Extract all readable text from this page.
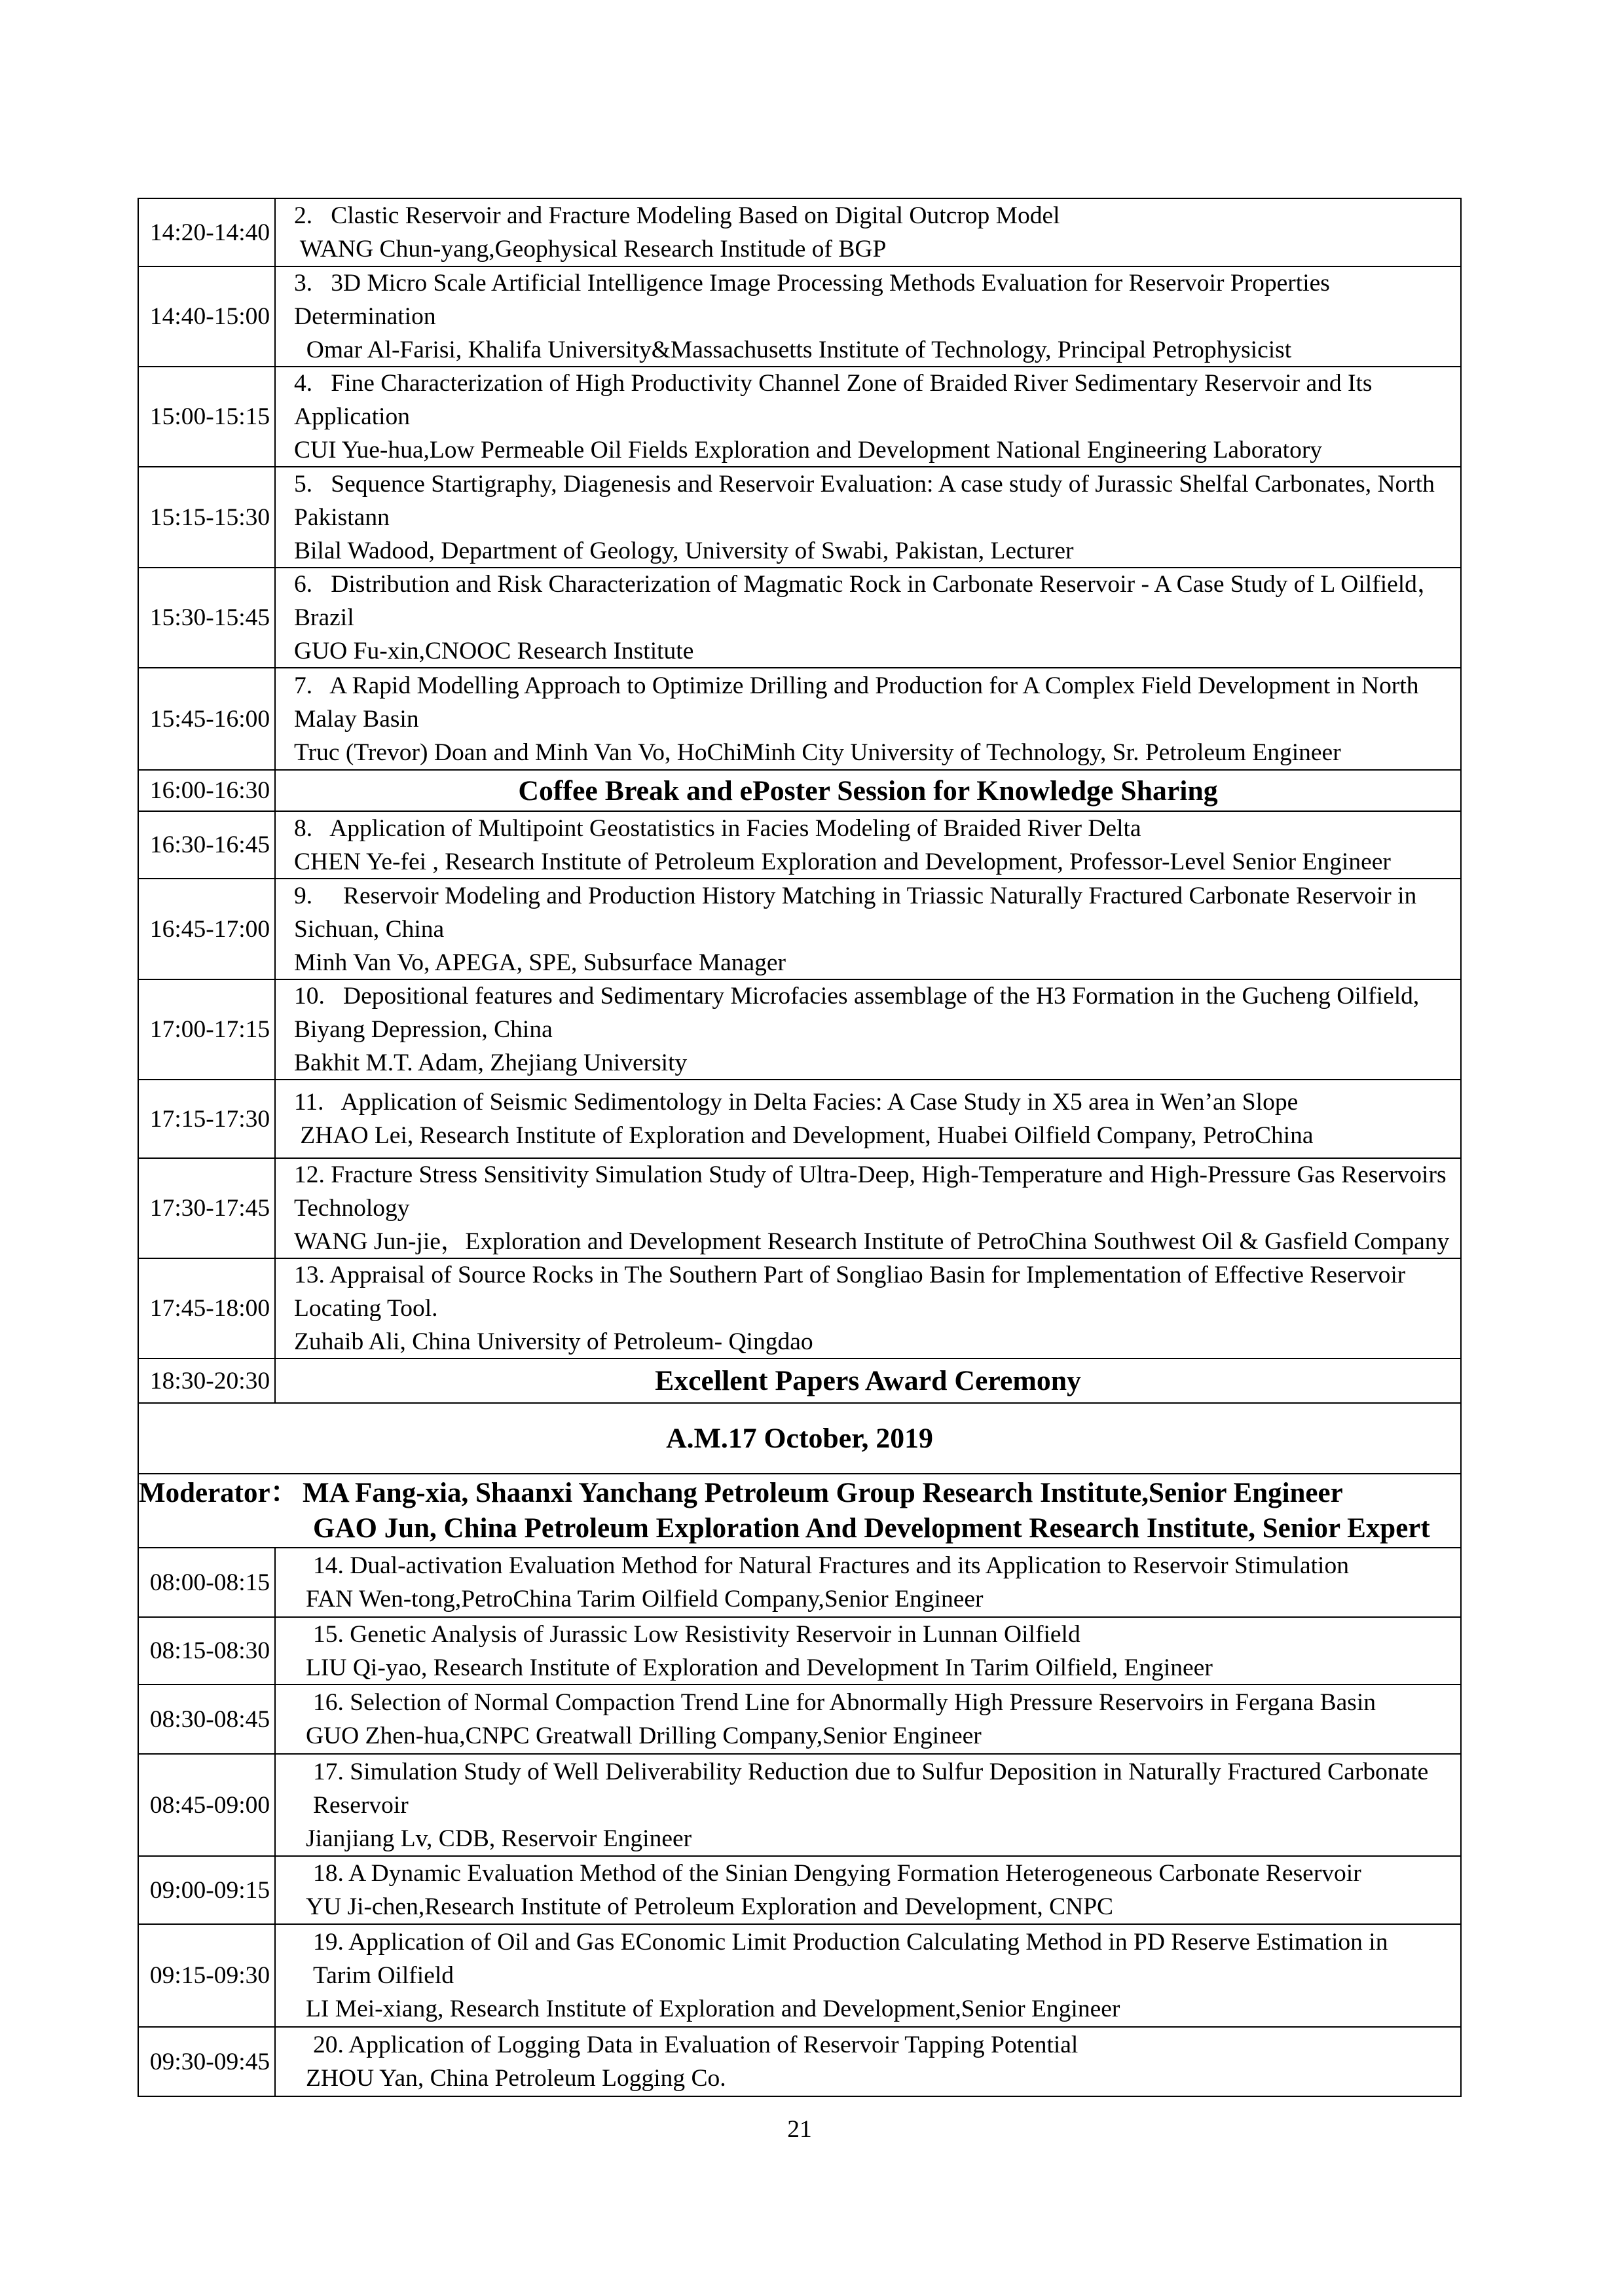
14:20-14:40
2.   Clastic Reservoir and Fracture Modeling Based on Digital Outcrop Model
WANG Chun-yang,Geophysical Research Institude of BGP
14:40-15:00
3.   3D Micro Scale Artificial Intelligence Image Processing Methods Evaluation for Reservoir Properties
Determination
Omar Al-Farisi, Khalifa University&Massachusetts Institute of Technology, Principal Petrophysicist
15:00-15:15
4.   Fine Characterization of High Productivity Channel Zone of Braided River Sedimentary Reservoir and Its
Application
CUI Yue-hua,Low Permeable Oil Fields Exploration and Development National Engineering Laboratory
15:15-15:30
5.   Sequence Startigraphy, Diagenesis and Reservoir Evaluation: A case study of Jurassic Shelfal Carbonates, North
Pakistann
Bilal Wadood, Department of Geology, University of Swabi, Pakistan, Lecturer
15:30-15:45
6.   Distribution and Risk Characterization of Magmatic Rock in Carbonate Reservoir - A Case Study of L Oilfield，
Brazil
GUO Fu-xin,CNOOC Research Institute
15:45-16:00
7.   A Rapid Modelling Approach to Optimize Drilling and Production for A Complex Field Development in North
Malay Basin
Truc (Trevor) Doan and Minh Van Vo, HoChiMinh City University of Technology, Sr. Petroleum Engineer
16:00-16:30	Coffee Break and ePoster Session for Knowledge Sharing
16:30-16:45
8.   Application of Multipoint Geostatistics in Facies Modeling of Braided River Delta
CHEN Ye-fei , Research Institute of Petroleum Exploration and Development, Professor-Level Senior Engineer
16:45-17:00
9.     Reservoir Modeling and Production History Matching in Triassic Naturally Fractured Carbonate Reservoir in
Sichuan, China
Minh Van Vo, APEGA, SPE, Subsurface Manager
17:00-17:15
10.   Depositional features and Sedimentary Microfacies assemblage of the H3 Formation in the Gucheng Oilfield,
Biyang Depression, China
Bakhit M.T. Adam, Zhejiang University
17:15-17:30
11.   Application of Seismic Sedimentology in Delta Facies: A Case Study in X5 area in Wen’an Slope
ZHAO Lei, Research Institute of Exploration and Development, Huabei Oilfield Company, PetroChina
17:30-17:45
12. Fracture Stress Sensitivity Simulation Study of Ultra-Deep, High-Temperature and High-Pressure Gas Reservoirs
Technology
WANG Jun-jie，Exploration and Development Research Institute of PetroChina Southwest Oil & Gasfield Company
17:45-18:00
13. Appraisal of Source Rocks in The Southern Part of Songliao Basin for Implementation of Effective Reservoir
Locating Tool.
Zuhaib Ali, China University of Petroleum- Qingdao
18:30-20:30	Excellent Papers Award Ceremony
A.M.17 October, 2019
Moderator： MA Fang-xia, Shaanxi Yanchang Petroleum Group Research Institute,Senior Engineer
GAO Jun, China Petroleum Exploration And Development Research Institute, Senior Expert
08:00-08:15
14. Dual-activation Evaluation Method for Natural Fractures and its Application to Reservoir Stimulation
FAN Wen-tong,PetroChina Tarim Oilfield Company,Senior Engineer
08:15-08:30
15. Genetic Analysis of Jurassic Low Resistivity Reservoir in Lunnan Oilfield
LIU Qi-yao, Research Institute of Exploration and Development In Tarim Oilfield, Engineer
08:30-08:45
16. Selection of Normal Compaction Trend Line for Abnormally High Pressure Reservoirs in Fergana Basin
GUO Zhen-hua,CNPC Greatwall Drilling Company,Senior Engineer
08:45-09:00
17. Simulation Study of Well Deliverability Reduction due to Sulfur Deposition in Naturally Fractured Carbonate
Reservoir
Jianjiang Lv, CDB, Reservoir Engineer
09:00-09:15
18. A Dynamic Evaluation Method of the Sinian Dengying Formation Heterogeneous Carbonate Reservoir
YU Ji-chen,Research Institute of Petroleum Exploration and Development, CNPC
09:15-09:30
19. Application of Oil and Gas EConomic Limit Production Calculating Method in PD Reserve Estimation in
Tarim Oilfield
LI Mei-xiang, Research Institute of Exploration and Development,Senior Engineer
09:30-09:45
20. Application of Logging Data in Evaluation of Reservoir Tapping Potential
ZHOU Yan, China Petroleum Logging Co.
21
